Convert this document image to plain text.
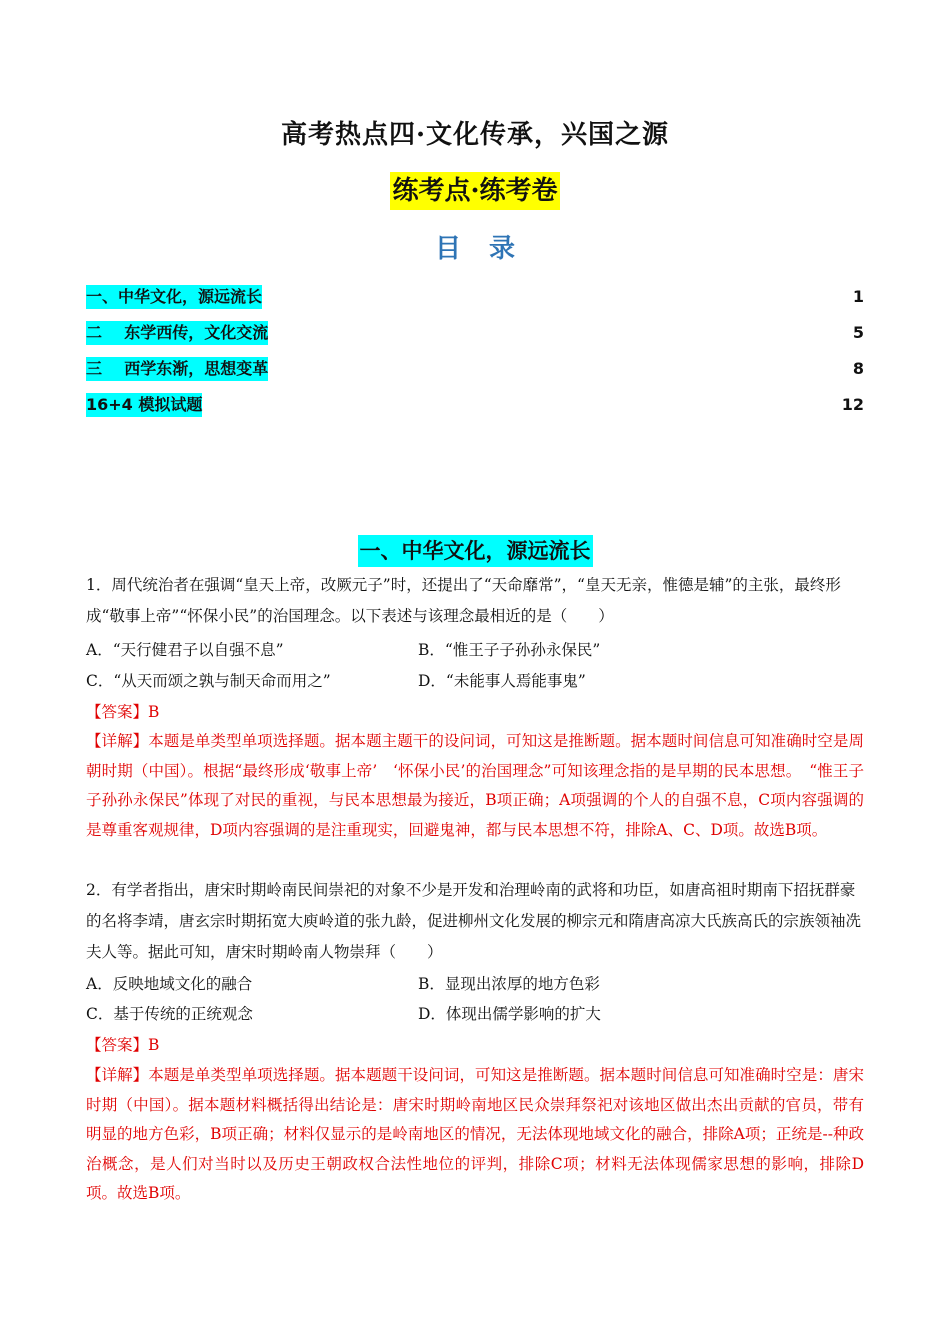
高考热点四·文化传承，兴国之源
练考点·练考卷
目录
一、中华文化，源远流长	1
二    东学西传，文化交流	5
三    西学东渐，思想变革	8
16+4 模拟试题	12
一、中华文化，源远流长
1．周代统治者在强调“皇天上帝，改厥元子”时，还提出了“天命靡常”，“皇天无亲，惟德是辅”的主张，最终形成“敬事上帝”“怀保小民”的治国理念。以下表述与该理念最相近的是（　　）
A．“天行健君子以自强不息”	B．“惟王子子孙孙永保民”
C．“从天而颂之孰与制天命而用之”	D．“未能事人焉能事鬼”
【答案】B
【详解】本题是单类型单项选择题。据本题主题干的设问词，可知这是推断题。据本题时间信息可知准确时空是周朝时期（中国）。根据“最终形成‘敬事上帝’　‘怀保小民’的治国理念”可知该理念指的是早期的民本思想。　“惟王子子孙孙永保民”体现了对民的重视，与民本思想最为接近，B项正确；A项强调的个人的自强不息，C项内容强调的是尊重客观规律，D项内容强调的是注重现实，回避鬼神，都与民本思想不符，排除A、C、D项。故选B项。
2．有学者指出，唐宋时期岭南民间崇祀的对象不少是开发和治理岭南的武将和功臣，如唐高祖时期南下招抚群豪的名将李靖，唐玄宗时期拓宽大庾岭道的张九龄，促进柳州文化发展的柳宗元和隋唐高凉大氏族高氏的宗族领袖冼夫人等。据此可知，唐宋时期岭南人物崇拜（　　）
A．反映地域文化的融合	B．显现出浓厚的地方色彩
C．基于传统的正统观念	D．体现出儒学影响的扩大
【答案】B
【详解】本题是单类型单项选择题。据本题题干设问词，可知这是推断题。据本题时间信息可知准确时空是：唐宋时期（中国）。据本题材料概括得出结论是：唐宋时期岭南地区民众崇拜祭祀对该地区做出杰出贡献的官员，带有明显的地方色彩，B项正确；材料仅显示的是岭南地区的情况，无法体现地域文化的融合，排除A项；正统是--种政治概念，是人们对当时以及历史王朝政权合法性地位的评判，排除C项；材料无法体现儒家思想的影响，排除D项。故选B项。
